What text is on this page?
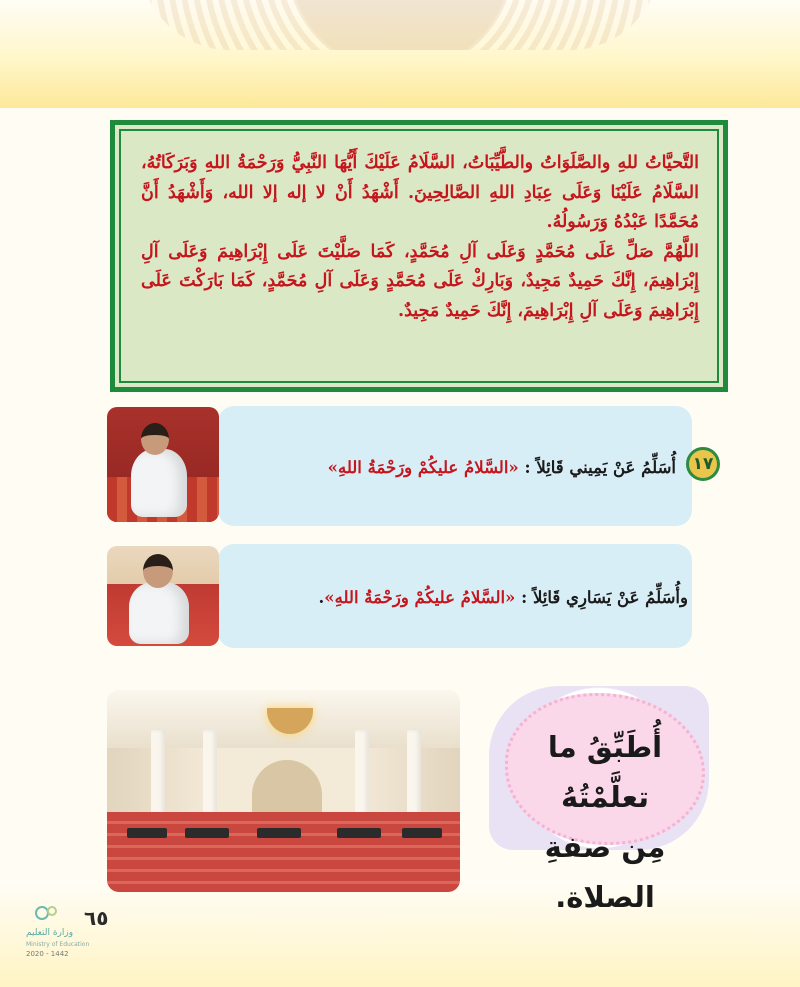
التَّحيَّاتُ للهِ والصَّلَوَاتُ والطَّيِّبَاتُ، السَّلَامُ عَلَيْكَ أَيُّهَا النَّبِيُّ وَرَحْمَةُ اللهِ وَبَرَكَاتُهُ، السَّلَامُ عَلَيْنَا وَعَلَى عِبَادِ اللهِ الصَّالِحِينَ. أَشْهَدُ أَنْ لا إله إلا الله، وَأَشْهَدُ أَنَّ مُحَمَّدًا عَبْدُهُ وَرَسُولُهُ.

اللَّهُمَّ صَلِّ عَلَى مُحَمَّدٍ وَعَلَى آلِ مُحَمَّدٍ، كَمَا صَلَّيْتَ عَلَى إِبْرَاهِيمَ وَعَلَى آلِ إِبْرَاهِيمَ، إِنَّكَ حَمِيدٌ مَجِيدٌ، وَبَارِكْ عَلَى مُحَمَّدٍ وَعَلَى آلِ مُحَمَّدٍ، كَمَا بَارَكْتَ عَلَى إِبْرَاهِيمَ وَعَلَى آلِ إِبْرَاهِيمَ، إِنَّكَ حَمِيدٌ مَجِيدٌ.

١٧
أُسَلِّمُ عَنْ يَمِيني قَائِلاً : «السَّلامُ عليكُمْ ورَحْمَةُ اللهِ»
وأُسَلِّمُ عَنْ يَسَارِي قَائِلاً : «السَّلامُ عليكُمْ ورَحْمَةُ اللهِ».
أُطَبِّقُ ما تعلَّمْتُهُ
مِن صفةِ الصلاة.
٦٥
وزارة التعليم
Ministry of Education
2020 - 1442
